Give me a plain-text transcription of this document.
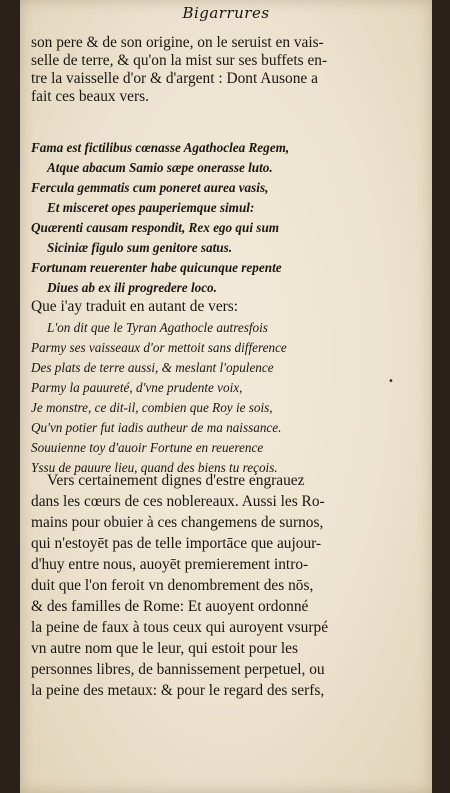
Bigarrures
son pere & de son origine, on le seruist en vais-
selle de terre, & qu'on la mist sur ses buffets en-
tre la vaisselle d'or & d'argent : Dont Ausone a
fait ces beaux vers.
Fama est fictilibus cœnasse Agathoclea Regem,
Atque abacum Samio sæpe onerasse luto.
Fercula gemmatis cum poneret aurea vasis,
Et misceret opes pauperiemque simul:
Quærenti causam respondit, Rex ego qui sum
Siciniæ figulo sum genitore satus.
Fortunam reuerenter habe quicunque repente
Diues ab ex ili progredere loco.
Que i'ay traduit en autant de vers:
L'on dit que le Tyran Agathocle autresfois
Parmy ses vaisseaux d'or mettoit sans difference
Des plats de terre aussi, & meslant l'opulence
Parmy la pauureté, d'vne prudente voix,
Je monstre, ce dit-il, combien que Roy ie sois,
Qu'vn potier fut iadis autheur de ma naissance.
Souuienne toy d'auoir Fortune en reuerence
Yssu de pauure lieu, quand des biens tu reçois.
Vers certainement dignes d'estre engrauez
dans les cœurs de ces noblereaux. Aussi les Ro-
mains pour obuier à ces changemens de surnos,
qui n'estoyēt pas de telle importāce que aujour-
d'huy entre nous, auoyēt premierement intro-
duit que l'on feroit vn denombrement des nōs,
& des familles de Rome: Et auoyent ordonné
la peine de faux à tous ceux qui auroyent vsurpé
vn autre nom que le leur, qui estoit pour les
personnes libres, de bannissement perpetuel, ou
la peine des metaux: & pour le regard des serfs,
•
